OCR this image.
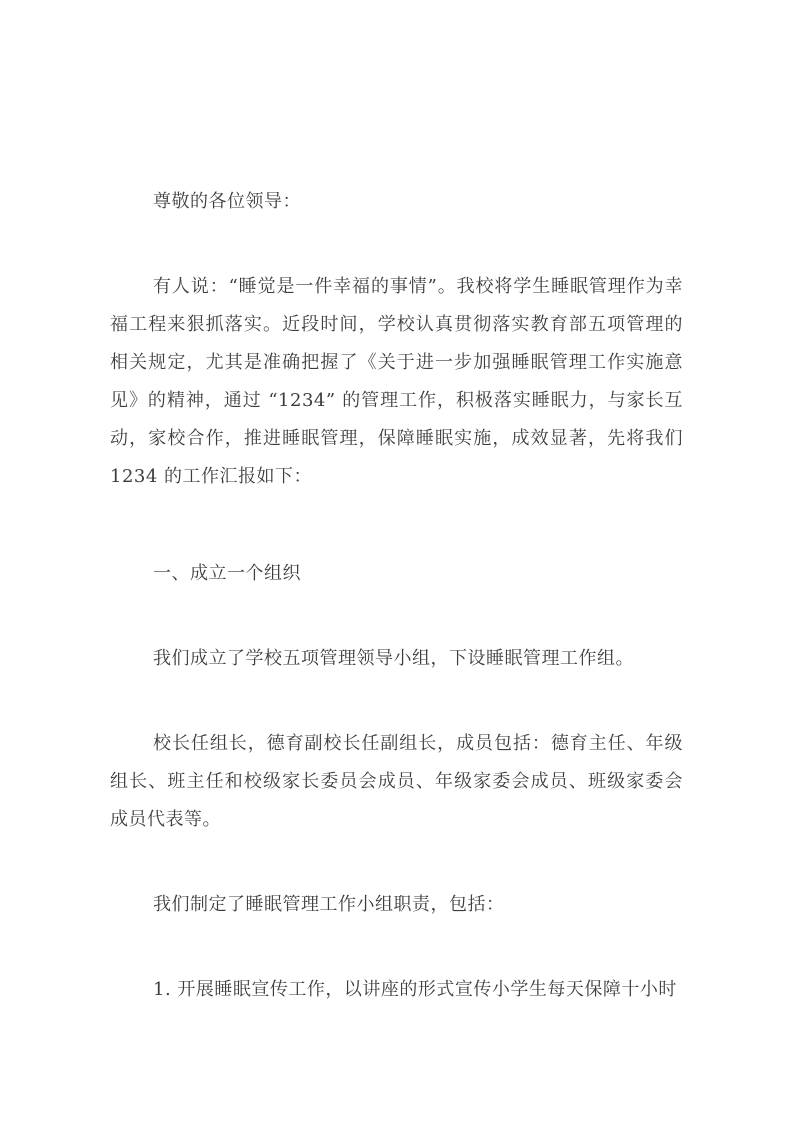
尊敬的各位领导：
有人说：“睡觉是一件幸福的事情”。我校将学生睡眠管理作为幸
福工程来狠抓落实。近段时间，学校认真贯彻落实教育部五项管理的
相关规定，尤其是准确把握了《关于进一步加强睡眠管理工作实施意
见》的精神，通过 “1234” 的管理工作，积极落实睡眠力，与家长互
动，家校合作，推进睡眠管理，保障睡眠实施，成效显著，先将我们
1234 的工作汇报如下：
一、成立一个组织
我们成立了学校五项管理领导小组，下设睡眠管理工作组。
校长任组长，德育副校长任副组长，成员包括：德育主任、年级
组长、班主任和校级家长委员会成员、年级家委会成员、班级家委会
成员代表等。
我们制定了睡眠管理工作小组职责，包括：
1. 开展睡眠宣传工作，以讲座的形式宣传小学生每天保障十小时
